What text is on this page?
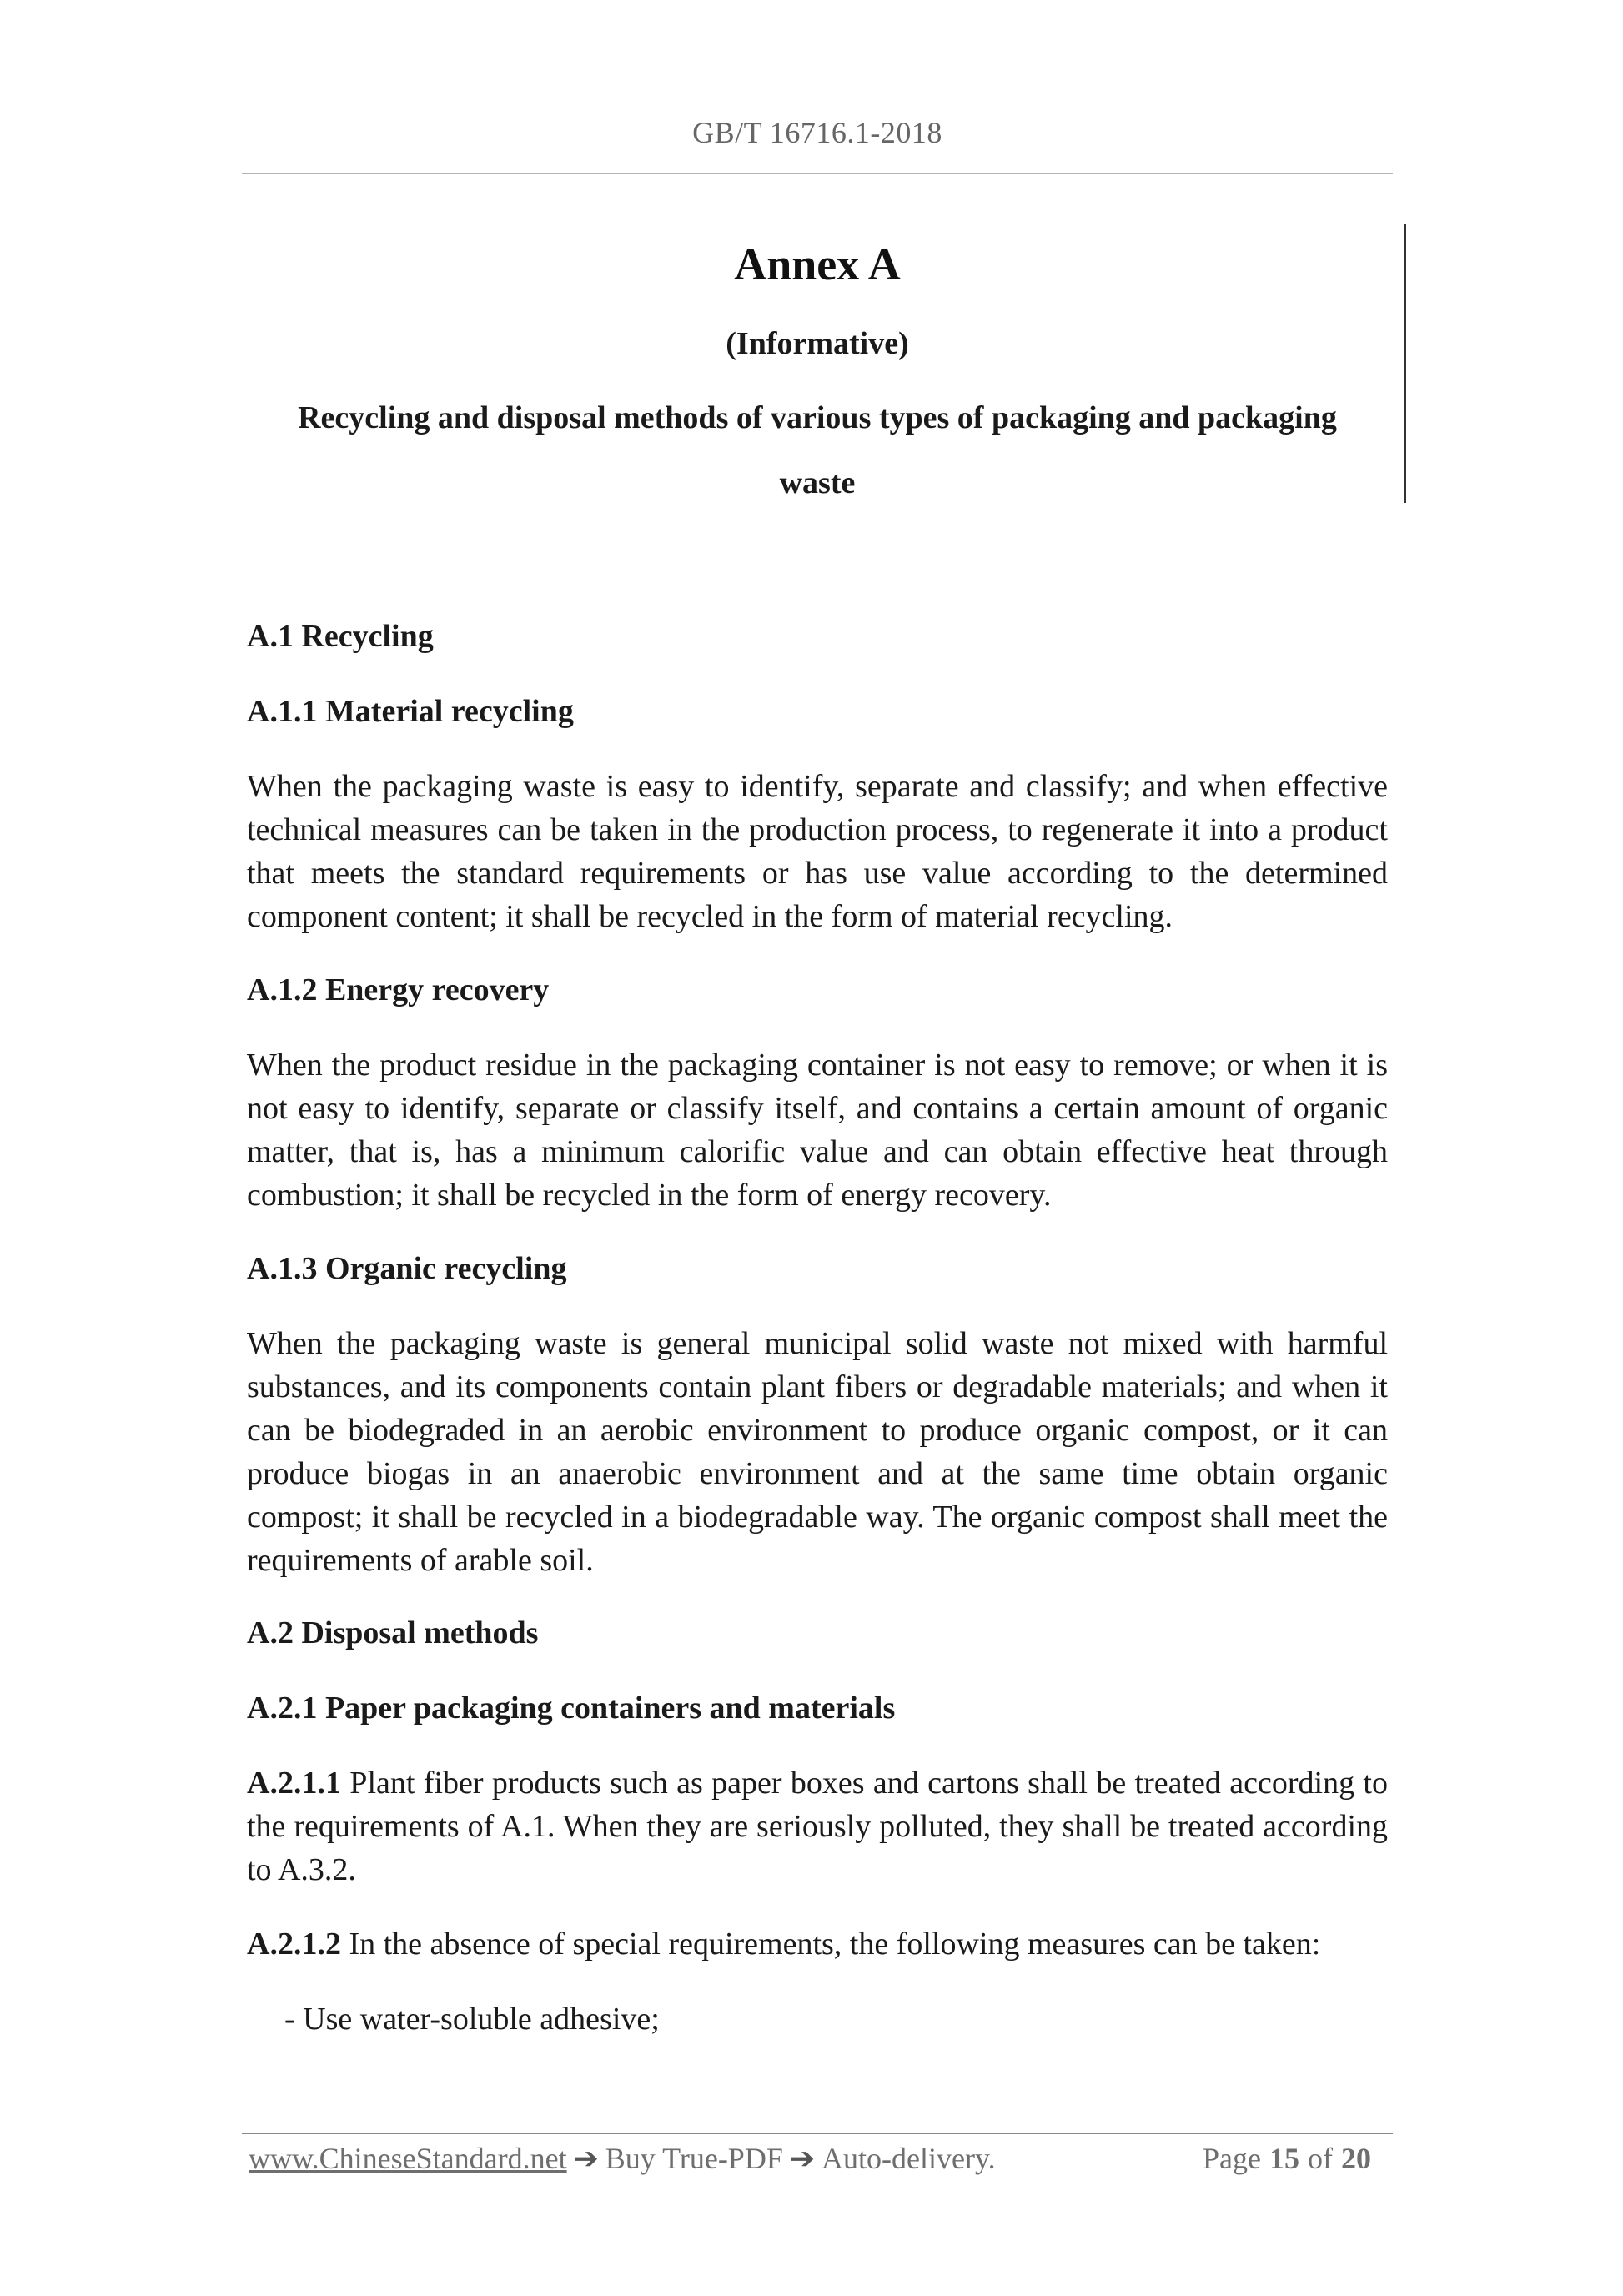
GB/T 16716.1-2018
Annex A
(Informative)
Recycling and disposal methods of various types of packaging and packaging
waste
A.1 Recycling
A.1.1 Material recycling
When the packaging waste is easy to identify, separate and classify; and when effective technical measures can be taken in the production process, to regenerate it into a product that meets the standard requirements or has use value according to the determined component content; it shall be recycled in the form of material recycling.
A.1.2 Energy recovery
When the product residue in the packaging container is not easy to remove; or when it is not easy to identify, separate or classify itself, and contains a certain amount of organic matter, that is, has a minimum calorific value and can obtain effective heat through combustion; it shall be recycled in the form of energy recovery.
A.1.3 Organic recycling
When the packaging waste is general municipal solid waste not mixed with harmful substances, and its components contain plant fibers or degradable materials; and when it can be biodegraded in an aerobic environment to produce organic compost, or it can produce biogas in an anaerobic environment and at the same time obtain organic compost; it shall be recycled in a biodegradable way. The organic compost shall meet the requirements of arable soil.
A.2 Disposal methods
A.2.1 Paper packaging containers and materials
A.2.1.1 Plant fiber products such as paper boxes and cartons shall be treated according to the requirements of A.1. When they are seriously polluted, they shall be treated according to A.3.2.
A.2.1.2 In the absence of special requirements, the following measures can be taken:
- Use water-soluble adhesive;
www.ChineseStandard.net ➔ Buy True-PDF ➔ Auto-delivery.	Page 15 of 20
